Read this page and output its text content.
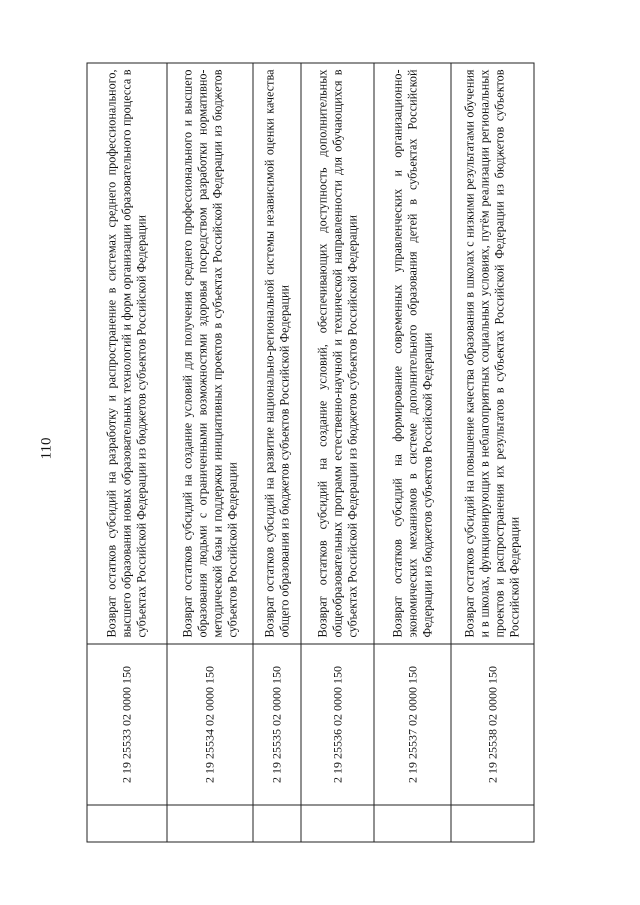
110
	2 19 25533 02 0000 150	Возврат остатков субсидий на разработку и распространение в системах среднего профессионального, высшего образования новых образовательных технологий и форм организации образовательного процесса в субъектах Российской Федерации из бюджетов субъектов Российской Федерации
	2 19 25534 02 0000 150	Возврат остатков субсидий на создание условий для получения среднего профессионального и высшего образования людьми с ограниченными возможностями здоровья посредством разработки нормативно-методической базы и поддержки инициативных проектов в субъектах Российской Федерации из бюджетов субъектов Российской Федерации
	2 19 25535 02 0000 150	Возврат остатков субсидий на развитие национально-региональной системы независимой оценки качества общего образования из бюджетов субъектов Российской Федерации
	2 19 25536 02 0000 150	Возврат остатков субсидий на создание условий, обеспечивающих доступность дополнительных общеобразовательных программ естественно-научной и технической направленности для обучающихся в субъектах Российской Федерации из бюджетов субъектов Российской Федерации
	2 19 25537 02 0000 150	Возврат остатков субсидий на формирование современных управленческих и организационно-экономических механизмов в системе дополнительного образования детей в субъектах Российской Федерации из бюджетов субъектов Российской Федерации
	2 19 25538 02 0000 150	Возврат остатков субсидий на повышение качества образования в школах с низкими результатами обучения и в школах, функционирующих в неблагоприятных социальных условиях, путём реализации региональных проектов и распространения их результатов в субъектах Российской Федерации из бюджетов субъектов Российской Федерации
